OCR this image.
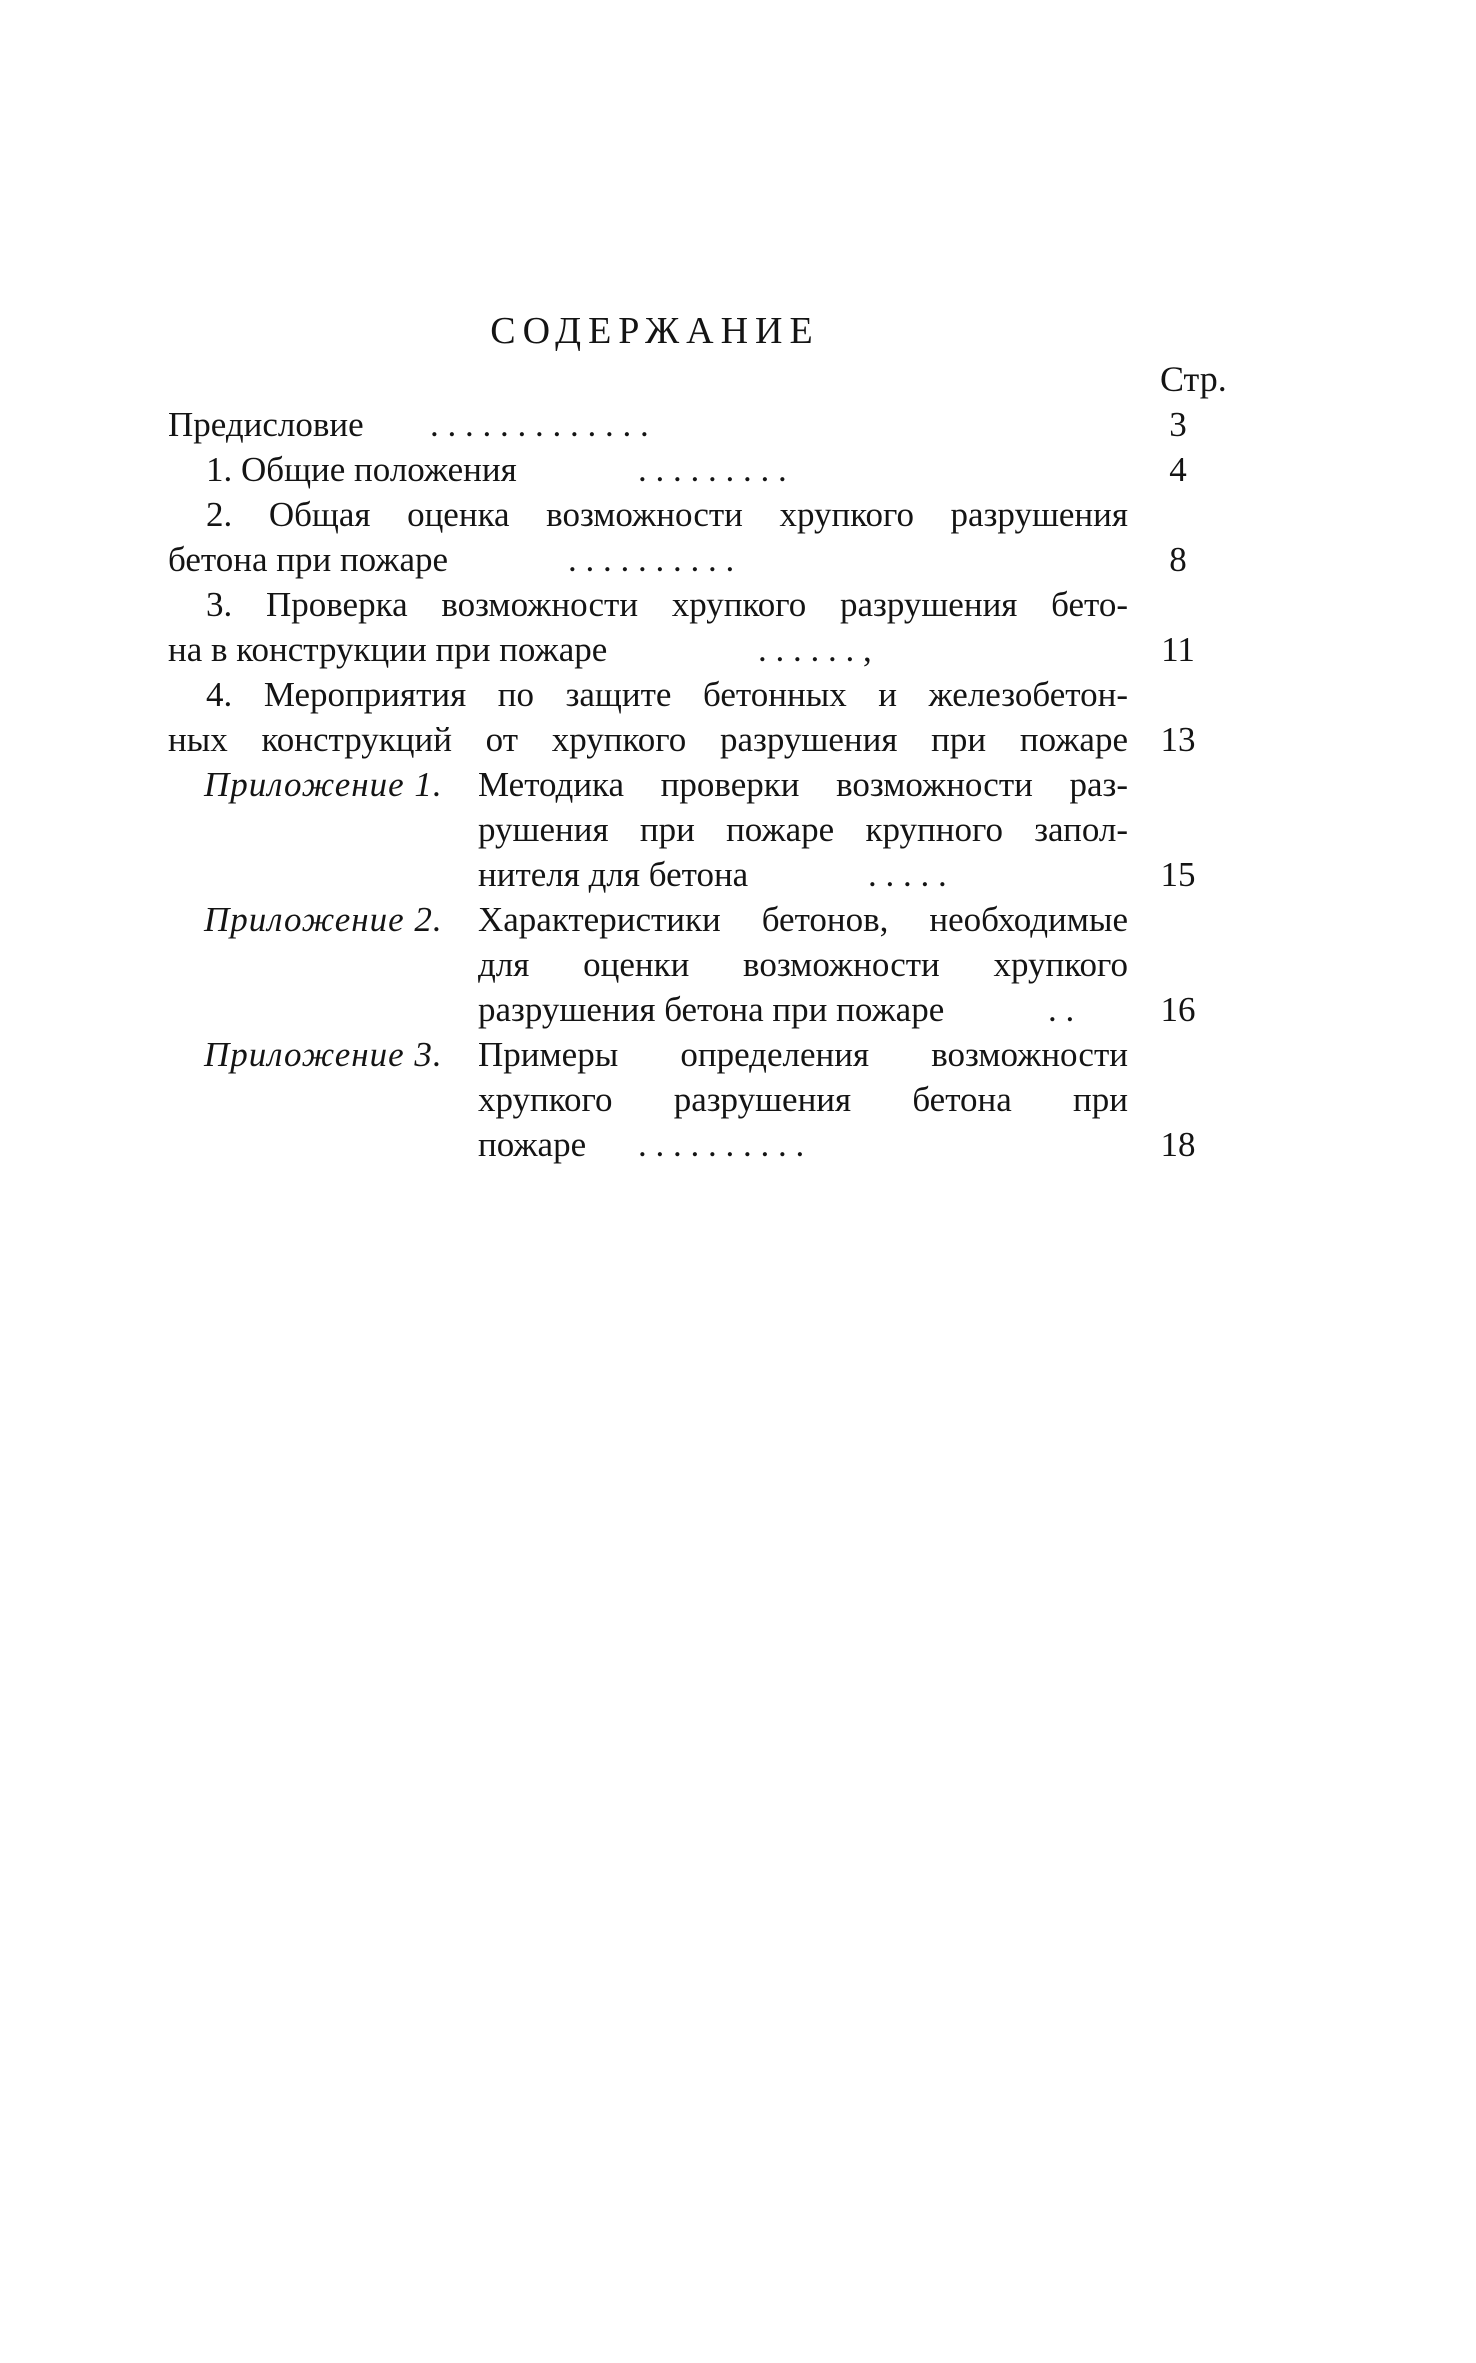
СОДЕРЖАНИЕ
Стр.
Предисловие . . . . . . . . . . . . .	3
1. Общие положения	. . . . . . . . .	4
2. Общая оценка возможности хрупкого разрушения
бетона при пожаре	. . . . . . . . . .	8
3. Проверка возможности хрупкого разрушения бето-
на в конструкции при пожаре	. . . . . . ,	11
4. Мероприятия по защите бетонных и железобетон-
ных конструкций от хрупкого разрушения при пожаре 13
Приложение 1. Методика проверки возможности раз-
рушения при пожаре крупного запол-
нителя для бетона	. . . . .	15
Приложение 2. Характеристики бетонов, необходимые
для оценки возможности хрупкого
разрушения бетона при пожаре	. .	16
Приложение 3. Примеры определения возможности
хрупкого разрушения бетона при
пожаре . . . . . . . . . .	18
